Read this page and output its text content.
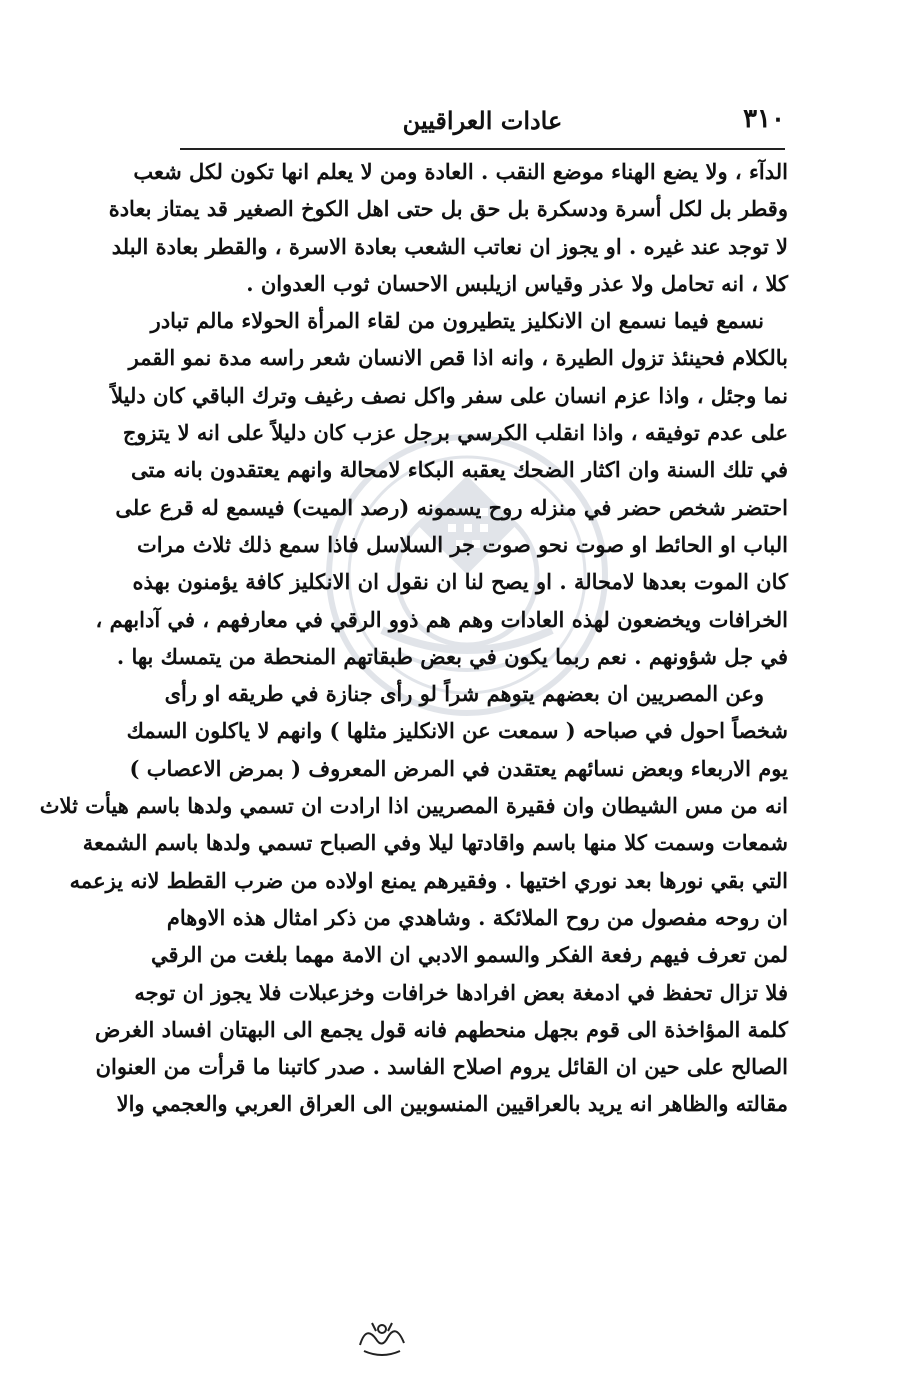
٣١٠
عادات العراقيين
الدآء ، ولا يضع الهناء موضع النقب . العادة ومن لا يعلم انها تكون لكل شعب
وقطر بل لكل أسرة ودسكرة بل حق بل حتى اهل الكوخ الصغير قد يمتاز بعادة
لا توجد عند غيره . او يجوز ان نعاتب الشعب بعادة الاسرة ، والقطر بعادة البلد
كلا ، انه تحامل ولا عذر وقياس ازيلبس الاحسان ثوب العدوان .
نسمع فيما نسمع ان الانكليز يتطيرون من لقاء المرأة الحولاء مالم تبادر
بالكلام فحينئذ تزول الطيرة ، وانه اذا قص الانسان شعر راسه مدة نمو القمر
نما وجئل ، واذا عزم انسان على سفر واكل نصف رغيف وترك الباقي كان دليلاً
على عدم توفيقه ، واذا انقلب الكرسي برجل عزب كان دليلاً على انه لا يتزوج
في تلك السنة وان اكثار الضحك يعقبه البكاء لامحالة وانهم يعتقدون بانه متى
احتضر شخص حضر في منزله روح يسمونه (رصد الميت) فيسمع له قرع على
الباب او الحائط او صوت نحو صوت جر السلاسل فاذا سمع ذلك ثلاث مرات
كان الموت بعدها لامحالة . او يصح لنا ان نقول ان الانكليز كافة يؤمنون بهذه
الخرافات ويخضعون لهذه العادات وهم هم ذوو الرقي في معارفهم ، في آدابهم ،
في جل شؤونهم . نعم ربما يكون في بعض طبقاتهم المنحطة من يتمسك بها .
وعن المصريين ان بعضهم يتوهم شراً لو رأى جنازة في طريقه او رأى
شخصاً احول في صباحه ( سمعت عن الانكليز مثلها ) وانهم لا ياكلون السمك
يوم الاربعاء وبعض نسائهم يعتقدن في المرض المعروف ( بمرض الاعصاب )
انه من مس الشيطان وان فقيرة المصريين اذا ارادت ان تسمي ولدها باسم هيأت ثلاث
شمعات وسمت كلا منها باسم واقادتها ليلا وفي الصباح تسمي ولدها باسم الشمعة
التي بقي نورها بعد نوري اختيها . وفقيرهم يمنع اولاده من ضرب القطط لانه يزعمه
ان روحه مفصول من روح الملائكة . وشاهدي من ذكر امثال هذه الاوهام
لمن تعرف فيهم رفعة الفكر والسمو الادبي ان الامة مهما بلغت من الرقي
فلا تزال تحفظ في ادمغة بعض افرادها خرافات وخزعبلات فلا يجوز ان توجه
كلمة المؤاخذة الى قوم بجهل منحطهم فانه قول يجمع الى البهتان افساد الغرض
الصالح على حين ان القائل يروم اصلاح الفاسد . صدر كاتبنا ما قرأت من العنوان
مقالته والظاهر انه يريد بالعراقيين المنسوبين الى العراق العربي والعجمي والا
